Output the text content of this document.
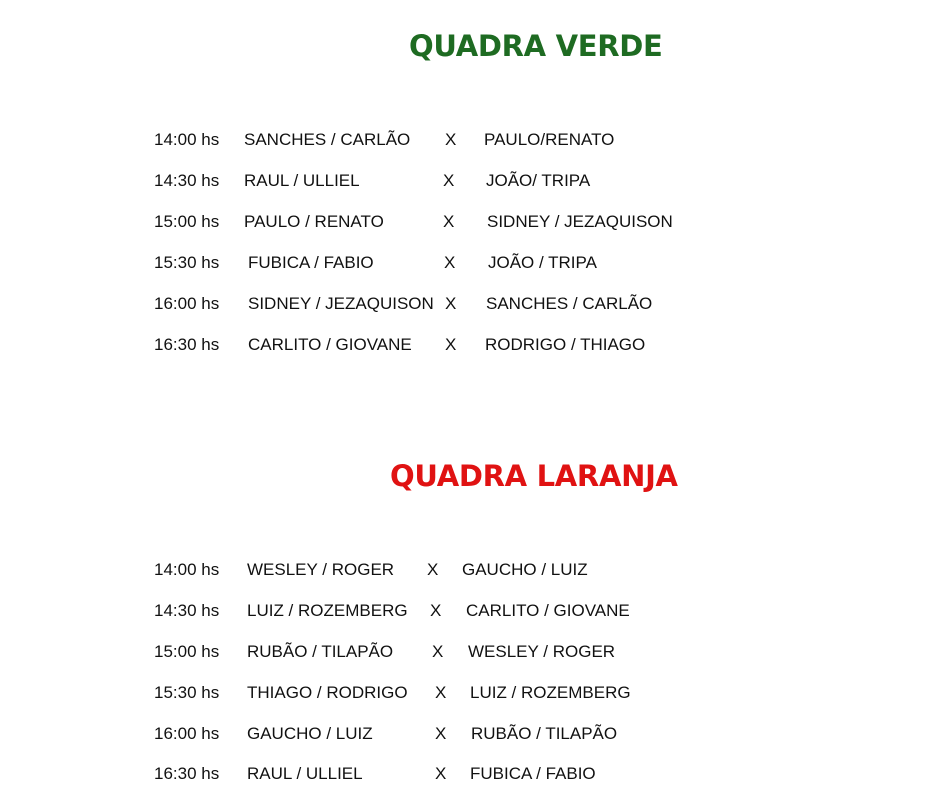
QUADRA VERDE
14:00 hs SANCHES / CARLÃO X PAULO/RENATO
14:30 hs RAUL / ULLIEL	X JOÃO/ TRIPA
15:00 hs PAULO / RENATO	X SIDNEY / JEZAQUISON
15:30 hs FUBICA / FABIO	X JOÃO / TRIPA
16:00 hs SIDNEY / JEZAQUISON X SANCHES / CARLÃO
16:30 hs CARLITO / GIOVANE X RODRIGO / THIAGO
QUADRA LARANJA
14:00 hs WESLEY / ROGER X GAUCHO / LUIZ
14:30 hs LUIZ / ROZEMBERG X CARLITO / GIOVANE
15:00 hs RUBÃO / TILAPÃO X WESLEY / ROGER
15:30 hs THIAGO / RODRIGO X LUIZ / ROZEMBERG
16:00 hs GAUCHO / LUIZ	X RUBÃO / TILAPÃO
16:30 hs RAUL / ULLIEL	X FUBICA / FABIO
